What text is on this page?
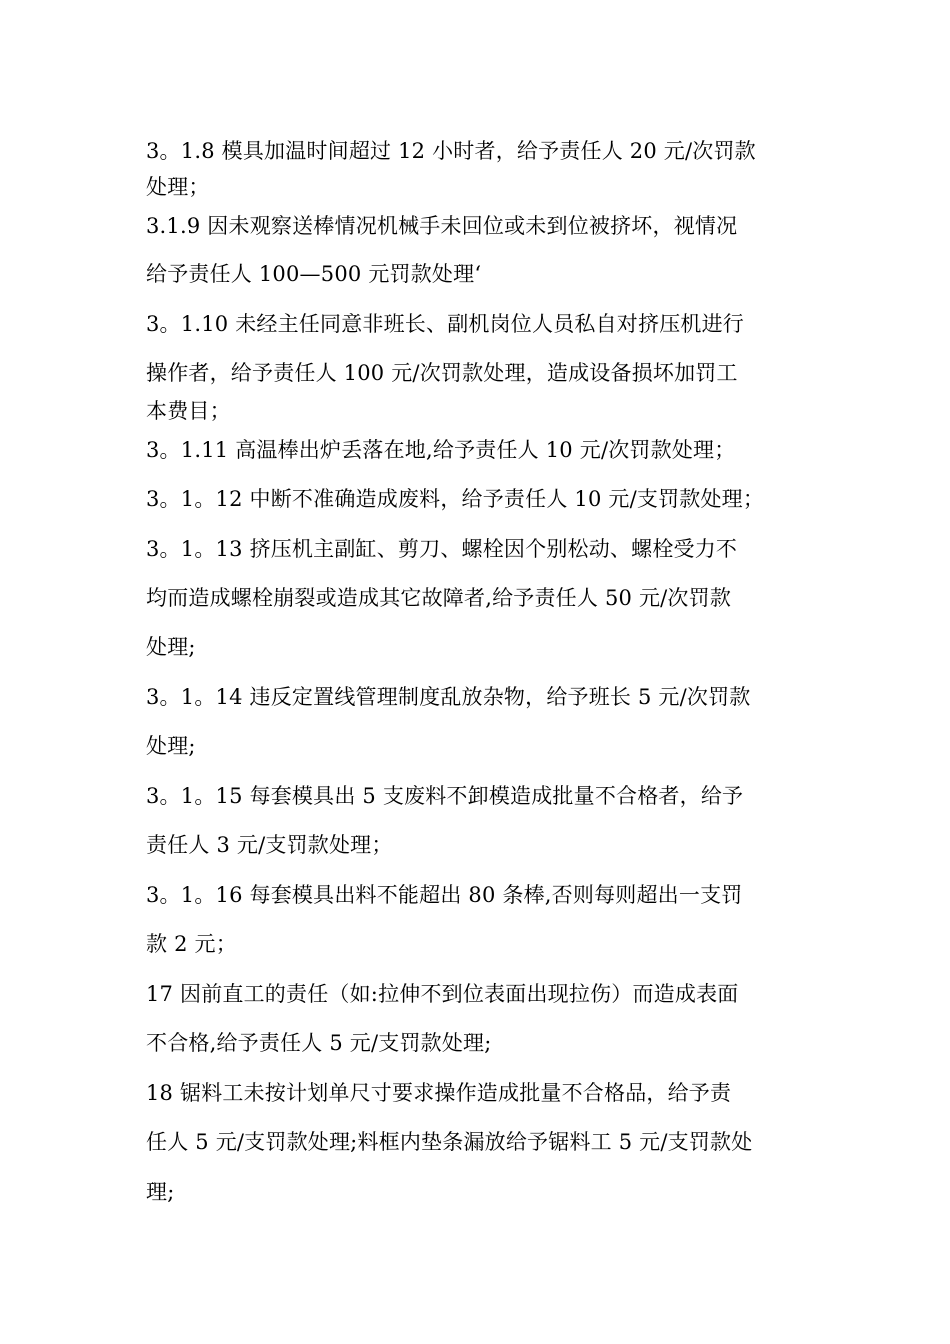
3。1.8 模具加温时间超过 12 小时者，给予责任人 20 元/次罚款
处理；
3.1.9 因未观察送棒情况机械手未回位或未到位被挤坏，视情况
给予责任人 100—500 元罚款处理‘
3。1.10 未经主任同意非班长、副机岗位人员私自对挤压机进行
操作者，给予责任人 100 元/次罚款处理，造成设备损坏加罚工
本费目；
3。1.11 高温棒出炉丢落在地,给予责任人 10 元/次罚款处理；
3。1。12 中断不准确造成废料，给予责任人 10 元/支罚款处理；
3。1。13 挤压机主副缸、剪刀、螺栓因个别松动、螺栓受力不
均而造成螺栓崩裂或造成其它故障者,给予责任人 50 元/次罚款
处理;
3。1。14 违反定置线管理制度乱放杂物，给予班长 5 元/次罚款
处理;
3。1。15 每套模具出 5 支废料不卸模造成批量不合格者，给予
责任人 3 元/支罚款处理；
3。1。16 每套模具出料不能超出 80 条棒,否则每则超出一支罚
款 2 元；
17 因前直工的责任（如:拉伸不到位表面出现拉伤）而造成表面
不合格,给予责任人 5 元/支罚款处理;
18 锯料工未按计划单尺寸要求操作造成批量不合格品，给予责
任人 5 元/支罚款处理;料框内垫条漏放给予锯料工 5 元/支罚款处
理;
